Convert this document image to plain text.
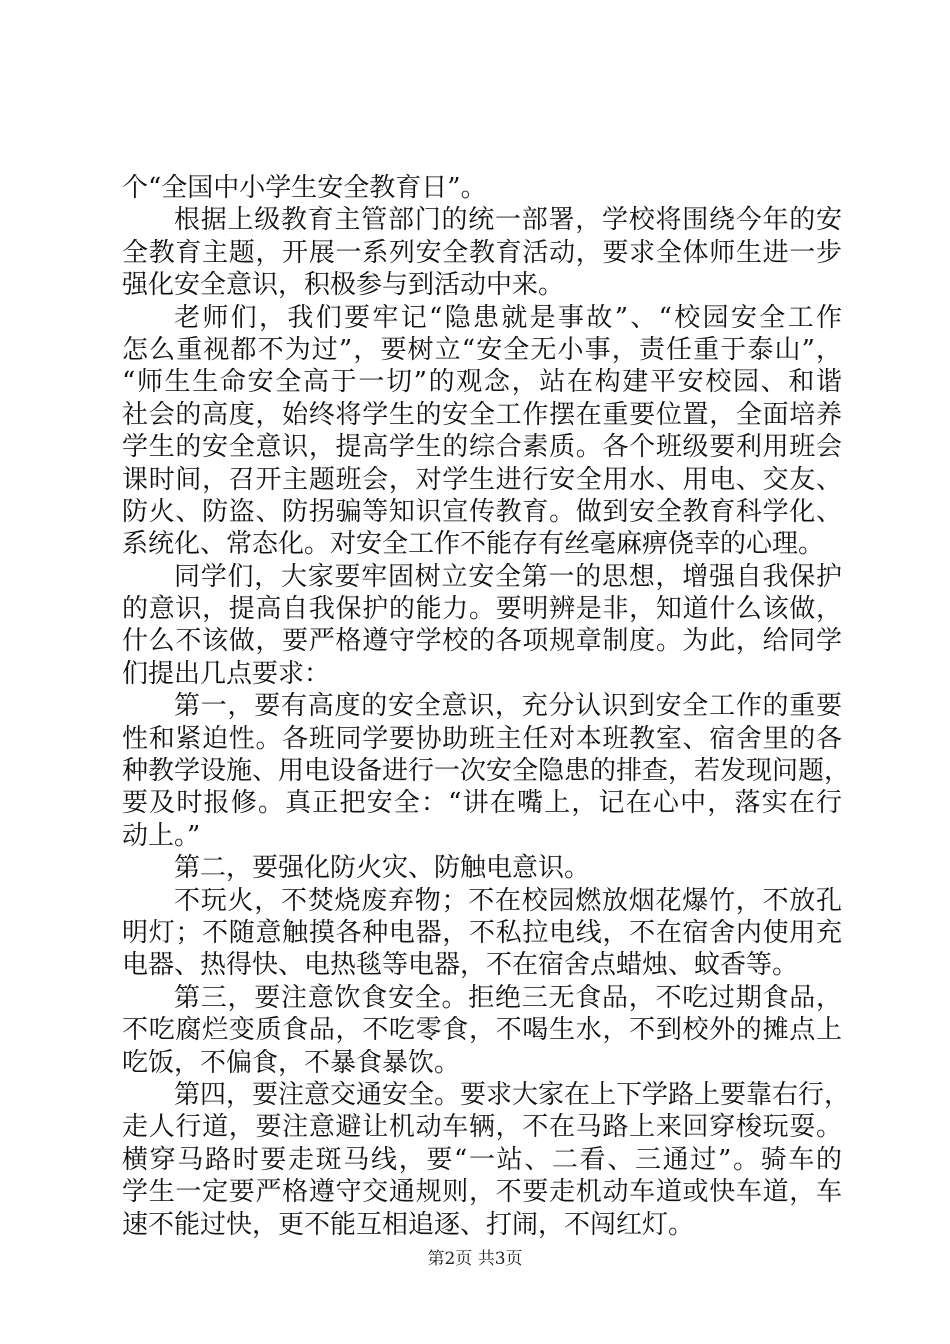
个“全国中小学生安全教育日”。
根据上级教育主管部门的统一部署，学校将围绕今年的安
全教育主题，开展一系列安全教育活动，要求全体师生进一步
强化安全意识，积极参与到活动中来。
老师们，我们要牢记“隐患就是事故”、“校园安全工作
怎么重视都不为过”，要树立“安全无小事，责任重于泰山”，
“师生生命安全高于一切”的观念，站在构建平安校园、和谐
社会的高度，始终将学生的安全工作摆在重要位置，全面培养
学生的安全意识，提高学生的综合素质。各个班级要利用班会
课时间，召开主题班会，对学生进行安全用水、用电、交友、
防火、防盗、防拐骗等知识宣传教育。做到安全教育科学化、
系统化、常态化。对安全工作不能存有丝毫麻痹侥幸的心理。
同学们，大家要牢固树立安全第一的思想，增强自我保护
的意识，提高自我保护的能力。要明辨是非，知道什么该做，
什么不该做，要严格遵守学校的各项规章制度。为此，给同学
们提出几点要求：
第一，要有高度的安全意识，充分认识到安全工作的重要
性和紧迫性。各班同学要协助班主任对本班教室、宿舍里的各
种教学设施、用电设备进行一次安全隐患的排查，若发现问题，
要及时报修。真正把安全：“讲在嘴上，记在心中，落实在行
动上。”
第二，要强化防火灾、防触电意识。
不玩火，不焚烧废弃物；不在校园燃放烟花爆竹，不放孔
明灯；不随意触摸各种电器，不私拉电线，不在宿舍内使用充
电器、热得快、电热毯等电器，不在宿舍点蜡烛、蚊香等。
第三，要注意饮食安全。拒绝三无食品，不吃过期食品，
不吃腐烂变质食品，不吃零食，不喝生水，不到校外的摊点上
吃饭，不偏食，不暴食暴饮。
第四，要注意交通安全。要求大家在上下学路上要靠右行，
走人行道，要注意避让机动车辆，不在马路上来回穿梭玩耍。
横穿马路时要走斑马线，要“一站、二看、三通过”。骑车的
学生一定要严格遵守交通规则，不要走机动车道或快车道，车
速不能过快，更不能互相追逐、打闹，不闯红灯。
第2页 共3页
